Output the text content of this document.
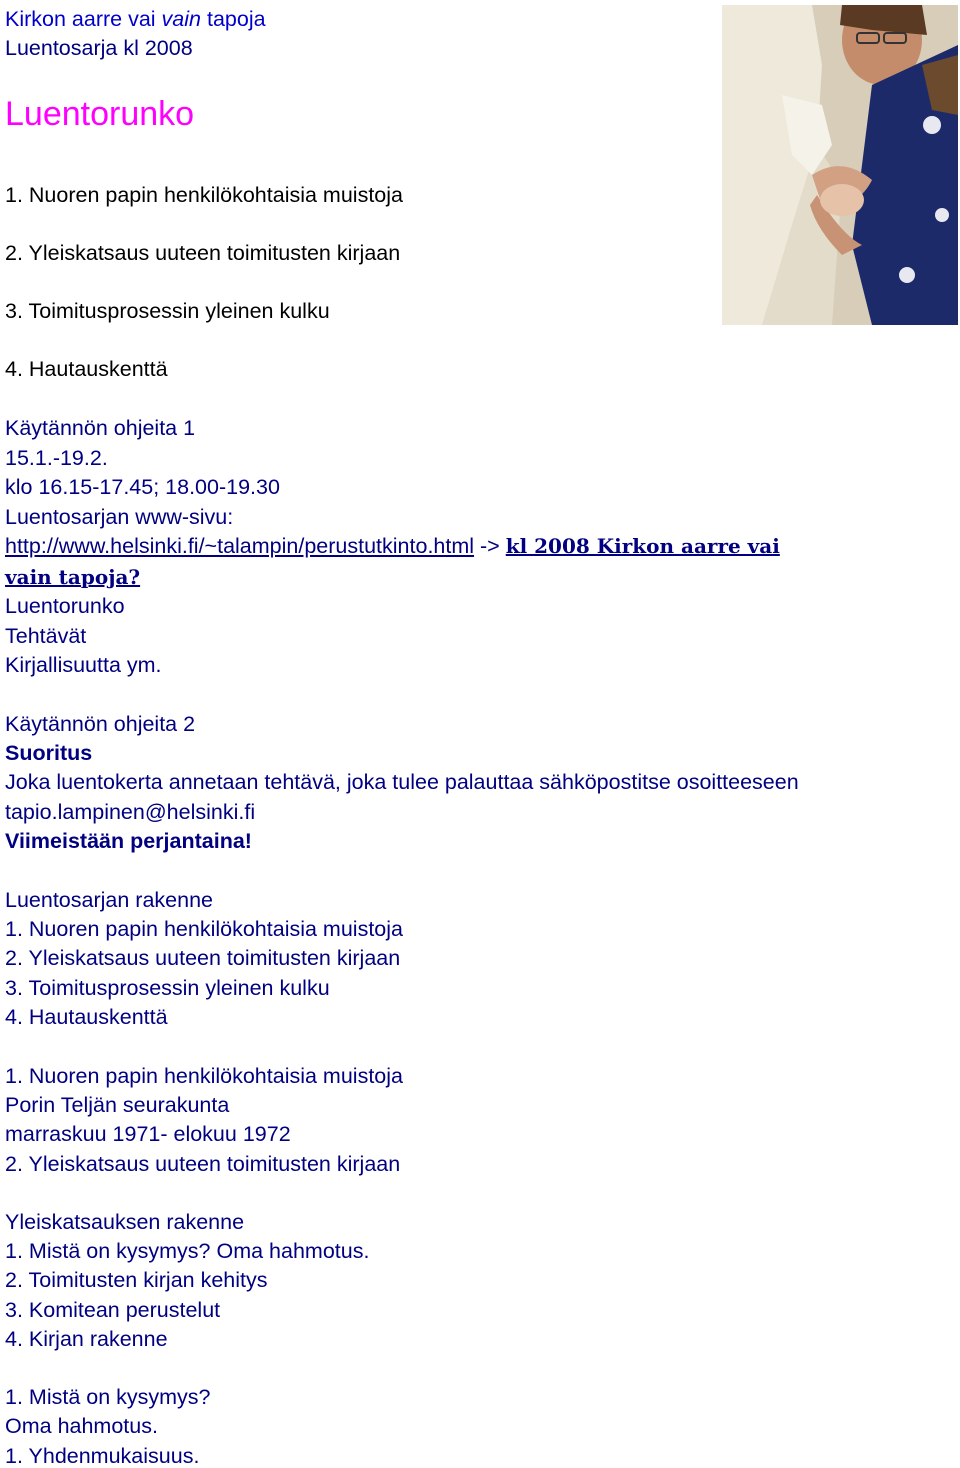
Kirkon aarre vai vain tapoja
Luentosarja kl 2008
Luentorunko
1. Nuoren papin henkilökohtaisia muistoja
2. Yleiskatsaus uuteen toimitusten kirjaan
3. Toimitusprosessin yleinen kulku
4. Hautauskenttä
Käytännön ohjeita 1
15.1.-19.2.
klo 16.15-17.45; 18.00-19.30
Luentosarjan www-sivu:
http://www.helsinki.fi/~talampin/perustutkinto.html -> kl 2008 Kirkon aarre vai
vain tapoja?
Luentorunko
Tehtävät
Kirjallisuutta ym.
Käytännön ohjeita 2
Suoritus
Joka luentokerta annetaan tehtävä, joka tulee palauttaa sähköpostitse osoitteeseen
tapio.lampinen@helsinki.fi
Viimeistään perjantaina!
Luentosarjan rakenne
1. Nuoren papin henkilökohtaisia muistoja
2. Yleiskatsaus uuteen toimitusten kirjaan
3. Toimitusprosessin yleinen kulku
4. Hautauskenttä
1. Nuoren papin henkilökohtaisia muistoja
Porin Teljän seurakunta
marraskuu 1971- elokuu 1972
2. Yleiskatsaus uuteen toimitusten kirjaan
Yleiskatsauksen rakenne
1. Mistä on kysymys? Oma hahmotus.
2. Toimitusten kirjan kehitys
3. Komitean perustelut
4. Kirjan rakenne
1. Mistä on kysymys?
Oma hahmotus.
1. Yhdenmukaisuus.
